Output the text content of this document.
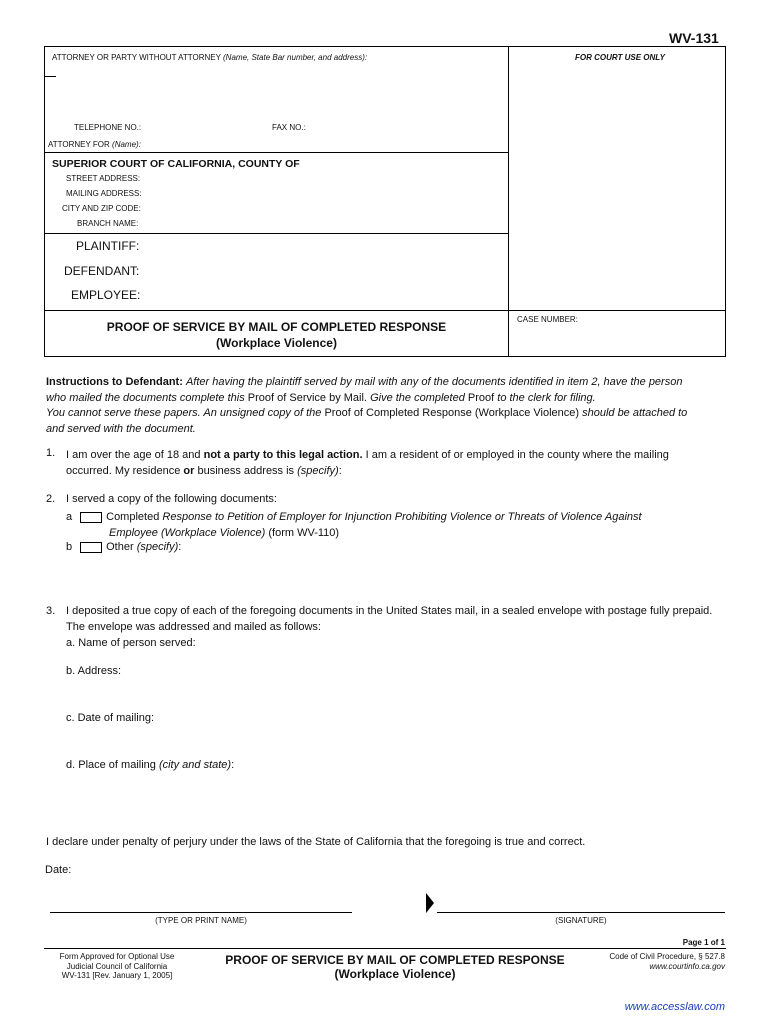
WV-131
ATTORNEY OR PARTY WITHOUT ATTORNEY (Name, State Bar number, and address):	FOR COURT USE ONLY
TELEPHONE NO.:	FAX NO.:
ATTORNEY FOR (Name):
SUPERIOR COURT OF CALIFORNIA, COUNTY OF
STREET ADDRESS:
MAILING ADDRESS:
CITY AND ZIP CODE:
BRANCH NAME:
PLAINTIFF:
DEFENDANT:
EMPLOYEE:
CASE NUMBER:
PROOF OF SERVICE BY MAIL OF COMPLETED RESPONSE
(Workplace Violence)
Instructions to Defendant: After having the plaintiff served by mail with any of the documents identified in item 2, have the person
who mailed the documents complete this Proof of Service by Mail. Give the completed Proof to the clerk for filing.
You cannot serve these papers. An unsigned copy of the Proof of Completed Response (Workplace Violence) should be attached to
and served with the document.
1. I am over the age of 18 and not a party to this legal action. I am a resident of or employed in the county where the mailing
occurred. My residence or business address is (specify):
2. I served a copy of the following documents:
a	Completed Response to Petition of Employer for Injunction Prohibiting Violence or Threats of Violence Against
Employee (Workplace Violence) (form WV-110)
b	Other (specify):
3. I deposited a true copy of each of the foregoing documents in the United States mail, in a sealed envelope with postage fully prepaid.
The envelope was addressed and mailed as follows:
a. Name of person served:
b. Address:
c. Date of mailing:
d. Place of mailing (city and state):
I declare under penalty of perjury under the laws of the State of California that the foregoing is true and correct.
Date:
(TYPE OR PRINT NAME)	(SIGNATURE)
Page 1 of 1
Form Approved for Optional Use
Judicial Council of California
WV-131 [Rev. January 1, 2005]
PROOF OF SERVICE BY MAIL OF COMPLETED RESPONSE
(Workplace Violence)
Code of Civil Procedure, § 527.8
www.courtinfo.ca.gov
www.accesslaw.com
